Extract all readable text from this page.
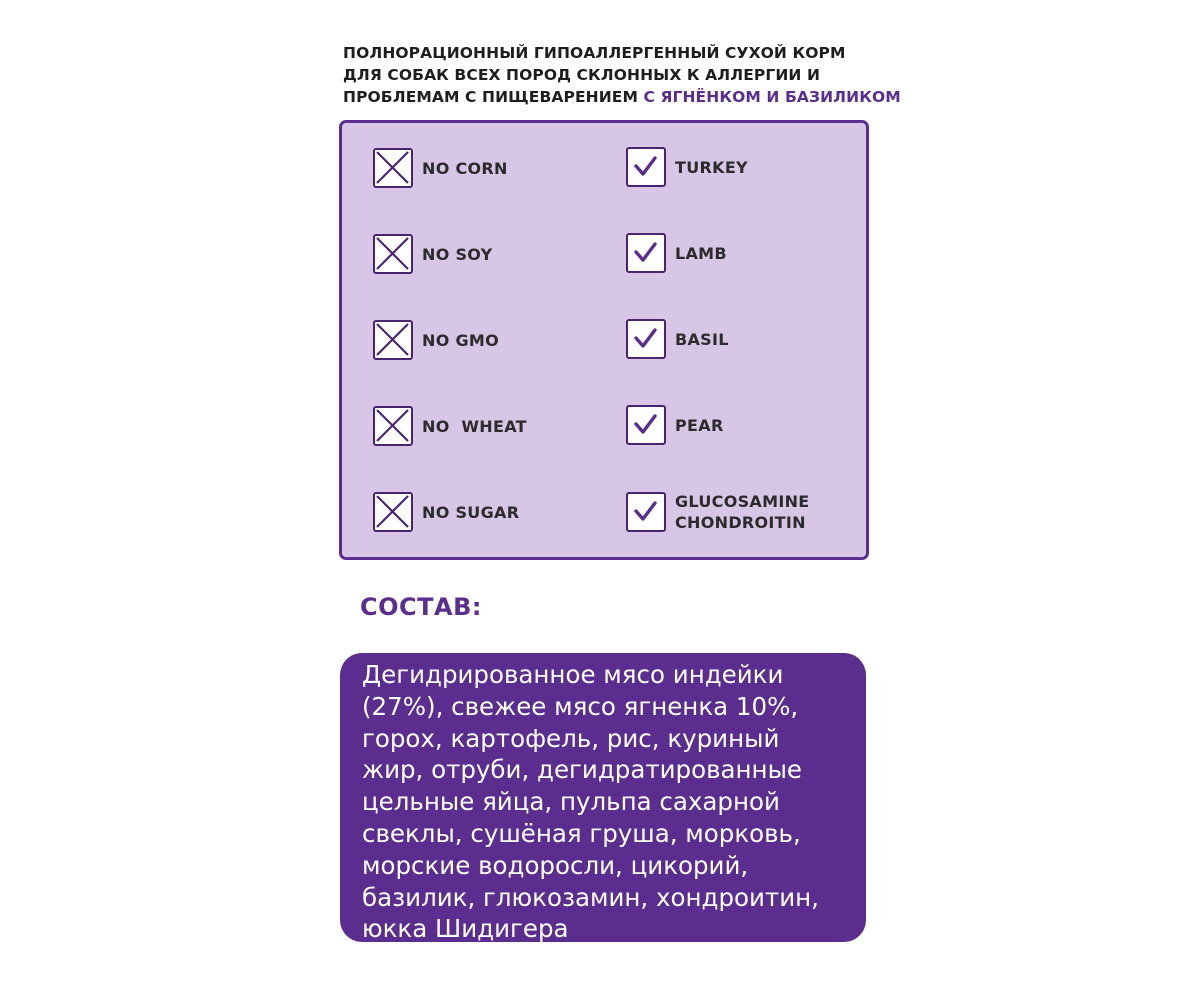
ПОЛНОРАЦИОННЫЙ ГИПОАЛЛЕРГЕННЫЙ СУХОЙ КОРМ
ДЛЯ СОБАК ВСЕХ ПОРОД СКЛОННЫХ К АЛЛЕРГИИ И
ПРОБЛЕМАМ С ПИЩЕВАРЕНИЕМ С ЯГНЁНКОМ И БАЗИЛИКОМ
NO CORN
NO SOY
NO GMO
NO  WHEAT
NO SUGAR
TURKEY
LAMB
BASIL
PEAR
GLUCOSAMINE
CHONDROITIN
СОСТАВ:
Дегидрированное мясо индейки
(27%), свежее мясо ягненка 10%,
горох, картофель, рис, куриный
жир, отруби, дегидратированные
цельные яйца, пульпа сахарной
свеклы, сушёная груша, морковь,
морские водоросли, цикорий,
базилик, глюкозамин, хондроитин,
юкка Шидигера
